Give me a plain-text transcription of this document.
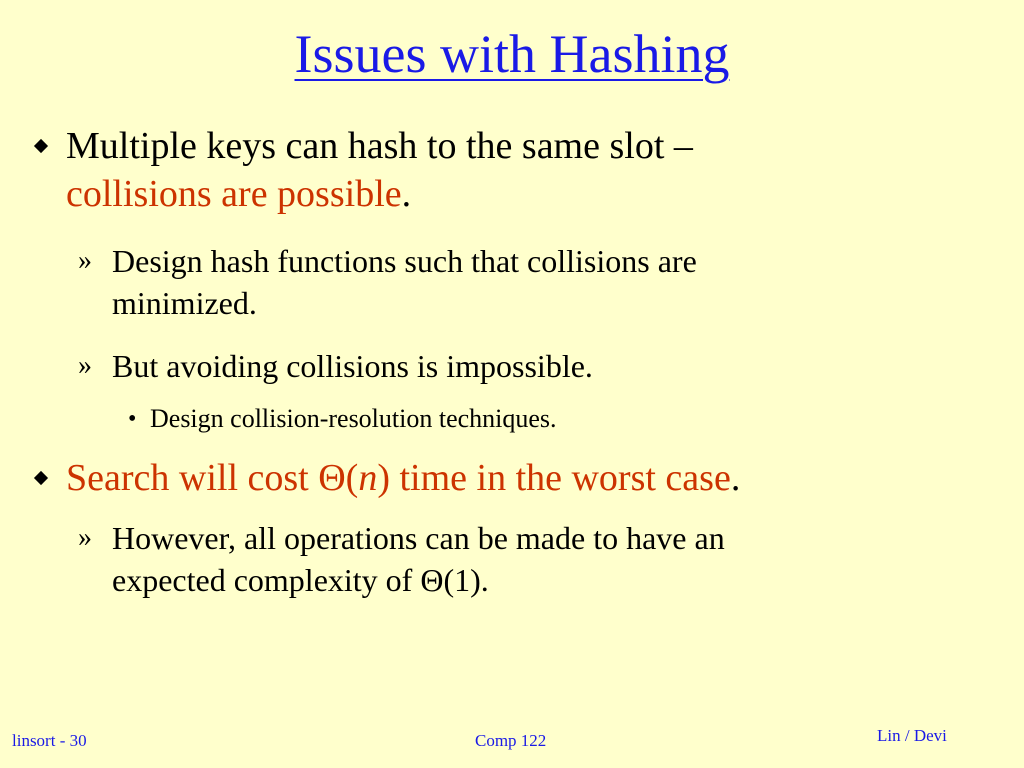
Issues with Hashing
Multiple keys can hash to the same slot –
collisions are possible.
» Design hash functions such that collisions are
minimized.
» But avoiding collisions is impossible.
• Design collision-resolution techniques.
Search will cost Θ(n) time in the worst case.
» However, all operations can be made to have an
expected complexity of Θ(1).
linsort - 30	Comp 122	Lin / Devi
